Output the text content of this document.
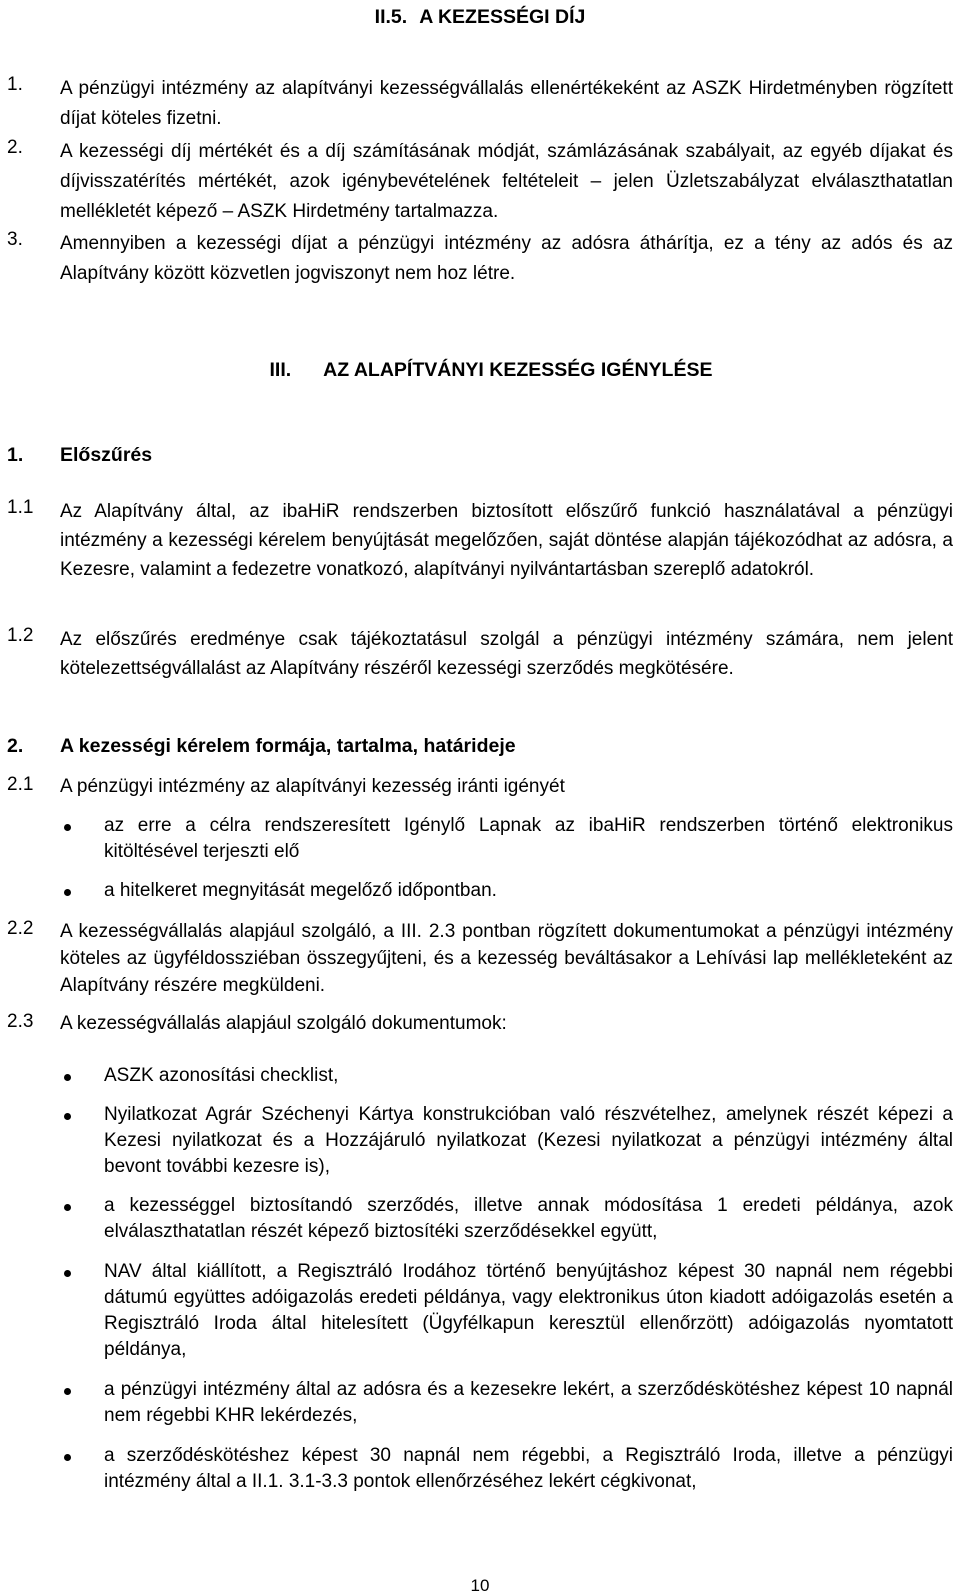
II.5. A KEZESSÉGI DÍJ
1. A pénzügyi intézmény az alapítványi kezességvállalás ellenértékeként az ASZK Hirdetményben rögzített díjat köteles fizetni.
2. A kezességi díj mértékét és a díj számításának módját, számlázásának szabályait, az egyéb díjakat és díjvisszatérítés mértékét, azok igénybevételének feltételeit – jelen Üzletszabályzat elválaszthatatlan mellékletét képező – ASZK Hirdetmény tartalmazza.
3. Amennyiben a kezességi díjat a pénzügyi intézmény az adósra áthárítja, ez a tény az adós és az Alapítvány között közvetlen jogviszonyt nem hoz létre.
III. AZ ALAPÍTVÁNYI KEZESSÉG IGÉNYLÉSE
1. Előszűrés
1.1 Az Alapítvány által, az ibaHiR rendszerben biztosított előszűrő funkció használatával a pénzügyi intézmény a kezességi kérelem benyújtását megelőzően, saját döntése alapján tájékozódhat az adósra, a Kezesre, valamint a fedezetre vonatkozó, alapítványi nyilvántartásban szereplő adatokról.
1.2 Az előszűrés eredménye csak tájékoztatásul szolgál a pénzügyi intézmény számára, nem jelent kötelezettségvállalást az Alapítvány részéről kezességi szerződés megkötésére.
2. A kezességi kérelem formája, tartalma, határideje
2.1 A pénzügyi intézmény az alapítványi kezesség iránti igényét
az erre a célra rendszeresített Igénylő Lapnak az ibaHiR rendszerben történő elektronikus kitöltésével terjeszti elő
a hitelkeret megnyitását megelőző időpontban.
2.2 A kezességvállalás alapjául szolgáló, a III. 2.3 pontban rögzített dokumentumokat a pénzügyi intézmény köteles az ügyféldossziéban összegyűjteni, és a kezesség beváltásakor a Lehívási lap mellékleteként az Alapítvány részére megküldeni.
2.3 A kezességvállalás alapjául szolgáló dokumentumok:
ASZK azonosítási checklist,
Nyilatkozat Agrár Széchenyi Kártya konstrukcióban való részvételhez, amelynek részét képezi a Kezesi nyilatkozat és a Hozzájáruló nyilatkozat (Kezesi nyilatkozat a pénzügyi intézmény által bevont további kezesre is),
a kezességgel biztosítandó szerződés, illetve annak módosítása 1 eredeti példánya, azok elválaszthatatlan részét képező biztosítéki szerződésekkel együtt,
NAV által kiállított, a Regisztráló Irodához történő benyújtáshoz képest 30 napnál nem régebbi dátumú együttes adóigazolás eredeti példánya, vagy elektronikus úton kiadott adóigazolás esetén a Regisztráló Iroda által hitelesített (Ügyfélkapun keresztül ellenőrzött) adóigazolás nyomtatott példánya,
a pénzügyi intézmény által az adósra és a kezesekre lekért, a szerződéskötéshez képest 10 napnál nem régebbi KHR lekérdezés,
a szerződéskötéshez képest 30 napnál nem régebbi, a Regisztráló Iroda, illetve a pénzügyi intézmény által a II.1. 3.1-3.3 pontok ellenőrzéséhez lekért cégkivonat,
10
